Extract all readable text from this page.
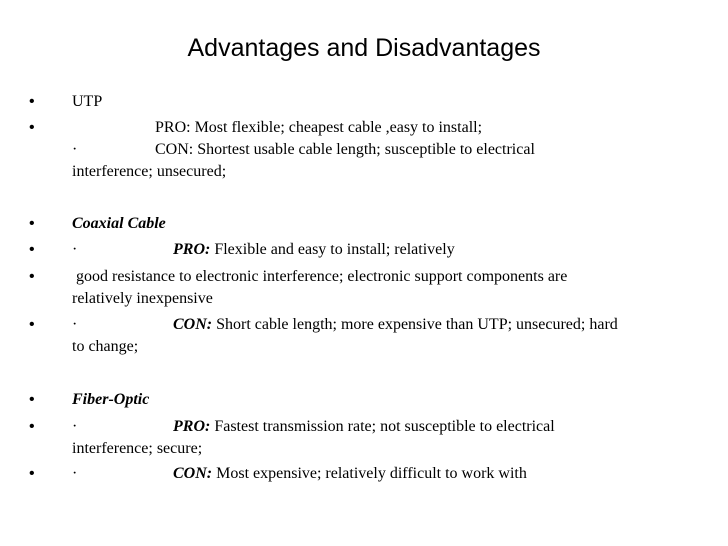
Advantages and Disadvantages
• UTP
•	PRO: Most flexible; cheapest cable ,easy to install;
·	CON: Shortest usable cable length; susceptible to electrical
interference; unsecured;
• Coaxial Cable
• ·	PRO: Flexible and easy to install; relatively
• good resistance to electronic interference; electronic support components are
relatively inexpensive
• ·	CON: Short cable length; more expensive than UTP; unsecured; hard
to change;
• Fiber-Optic
• ·	PRO: Fastest transmission rate; not susceptible to electrical
interference; secure;
• ·	CON: Most expensive; relatively difficult to work with
